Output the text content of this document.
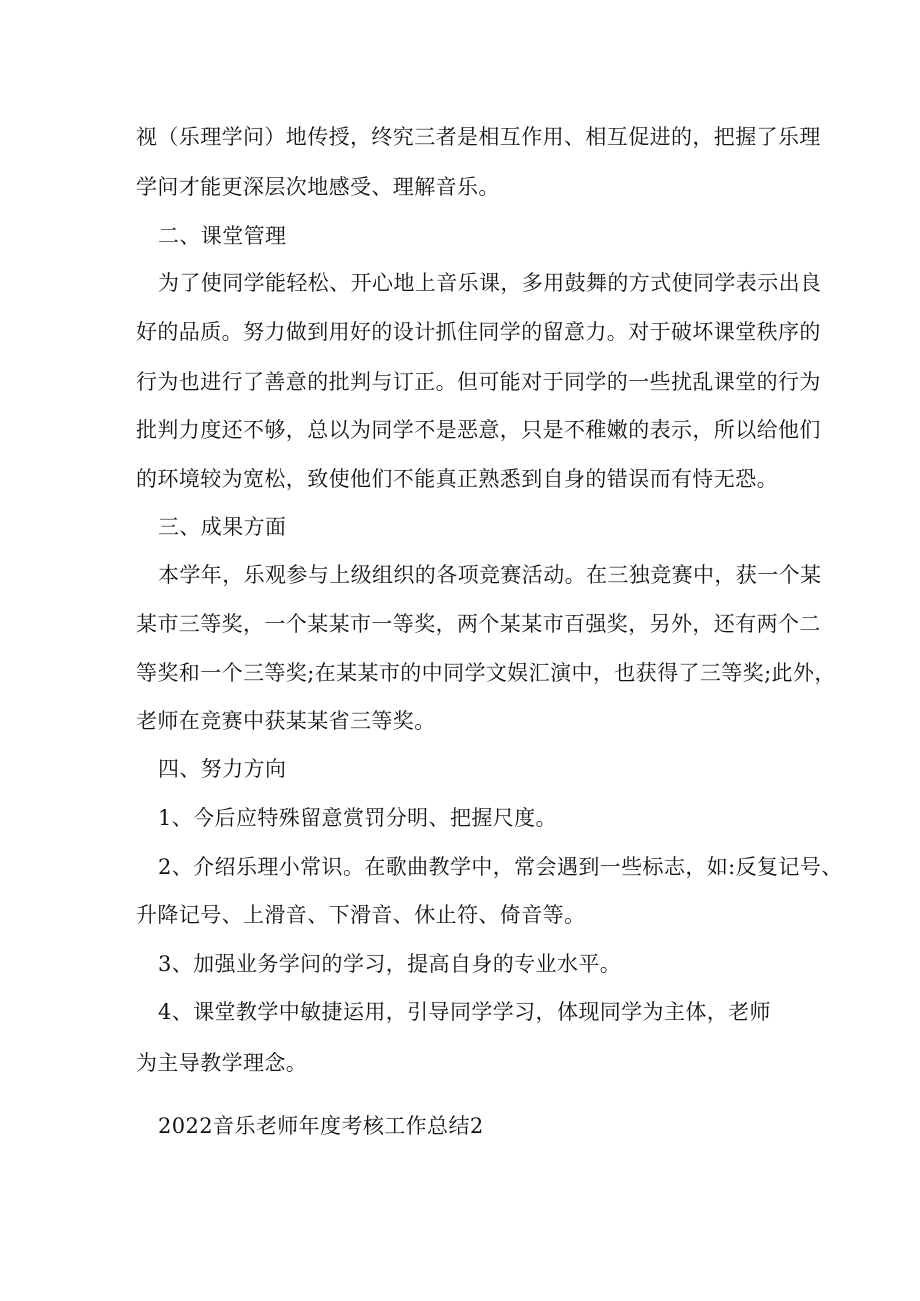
视（乐理学问）地传授，终究三者是相互作用、相互促进的，把握了乐理
学问才能更深层次地感受、理解音乐。
二、课堂管理
为了使同学能轻松、开心地上音乐课，多用鼓舞的方式使同学表示出良
好的品质。努力做到用好的设计抓住同学的留意力。对于破坏课堂秩序的
行为也进行了善意的批判与订正。但可能对于同学的一些扰乱课堂的行为
批判力度还不够，总以为同学不是恶意，只是不稚嫩的表示，所以给他们
的环境较为宽松，致使他们不能真正熟悉到自身的错误而有恃无恐。
三、成果方面
本学年，乐观参与上级组织的各项竞赛活动。在三独竞赛中，获一个某
某市三等奖，一个某某市一等奖，两个某某市百强奖，另外，还有两个二
等奖和一个三等奖;在某某市的中同学文娱汇演中，也获得了三等奖;此外，
老师在竞赛中获某某省三等奖。
四、努力方向
1、今后应特殊留意赏罚分明、把握尺度。
2、介绍乐理小常识。在歌曲教学中，常会遇到一些标志，如:反复记号、
升降记号、上滑音、下滑音、休止符、倚音等。
3、加强业务学问的学习，提高自身的专业水平。
4、课堂教学中敏捷运用，引导同学学习，体现同学为主体，老师
为主导教学理念。
2022音乐老师年度考核工作总结2
